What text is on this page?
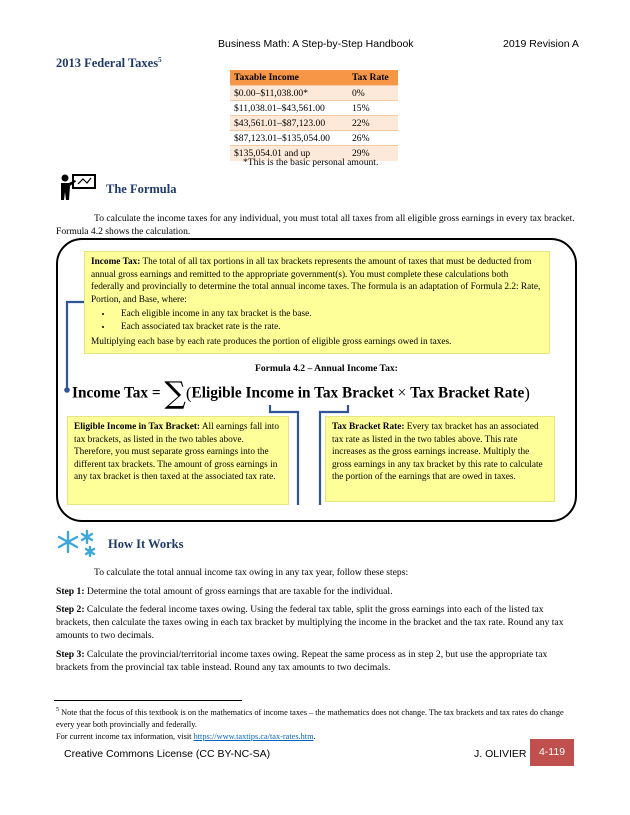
Business Math: A Step-by-Step Handbook	2019 Revision A
2013 Federal Taxes$^5$
Taxable Income	Tax Rate
$0.00–$11,038.00*	0%
$11,038.01–$43,561.00	15%
$43,561.01–$87,123.00	22%
$87,123.01–$135,054.00	26%
$135,054.01 and up	29%
*This is the basic personal amount.
The Formula
To calculate the income taxes for any individual, you must total all taxes from all eligible gross earnings in every tax bracket. Formula 4.2 shows the calculation.
Income Tax: The total of all tax portions in all tax brackets represents the amount of taxes that must be deducted from annual gross earnings and remitted to the appropriate government(s). You must complete these calculations both federally and provincially to determine the total annual income taxes. The formula is an adaptation of Formula 2.2: Rate, Portion, and Base, where:
• Each eligible income in any tax bracket is the base.
• Each associated tax bracket rate is the rate.
Multiplying each base by each rate produces the portion of eligible gross earnings owed in taxes.
Formula 4.2 – Annual Income Tax:
Income Tax = ∑(Eligible Income in Tax Bracket × Tax Bracket Rate)
Eligible Income in Tax Bracket: All earnings fall into tax brackets, as listed in the two tables above. Therefore, you must separate gross earnings into the different tax brackets. The amount of gross earnings in any tax bracket is then taxed at the associated tax rate.
Tax Bracket Rate: Every tax bracket has an associated tax rate as listed in the two tables above. This rate increases as the gross earnings increase. Multiply the gross earnings in any tax bracket by this rate to calculate the portion of the earnings that are owed in taxes.
How It Works
To calculate the total annual income tax owing in any tax year, follow these steps:
Step 1: Determine the total amount of gross earnings that are taxable for the individual.
Step 2: Calculate the federal income taxes owing. Using the federal tax table, split the gross earnings into each of the listed tax brackets, then calculate the taxes owing in each tax bracket by multiplying the income in the bracket and the tax rate. Round any tax amounts to two decimals.
Step 3: Calculate the provincial/territorial income taxes owing. Repeat the same process as in step 2, but use the appropriate tax brackets from the provincial tax table instead. Round any tax amounts to two decimals.
$^5$ Note that the focus of this textbook is on the mathematics of income taxes – the mathematics does not change. The tax brackets and tax rates do change every year both provincially and federally.
For current income tax information, visit https://www.taxtips.ca/tax-rates.htm.
Creative Commons License (CC BY-NC-SA)	J. OLIVIER	4-119
